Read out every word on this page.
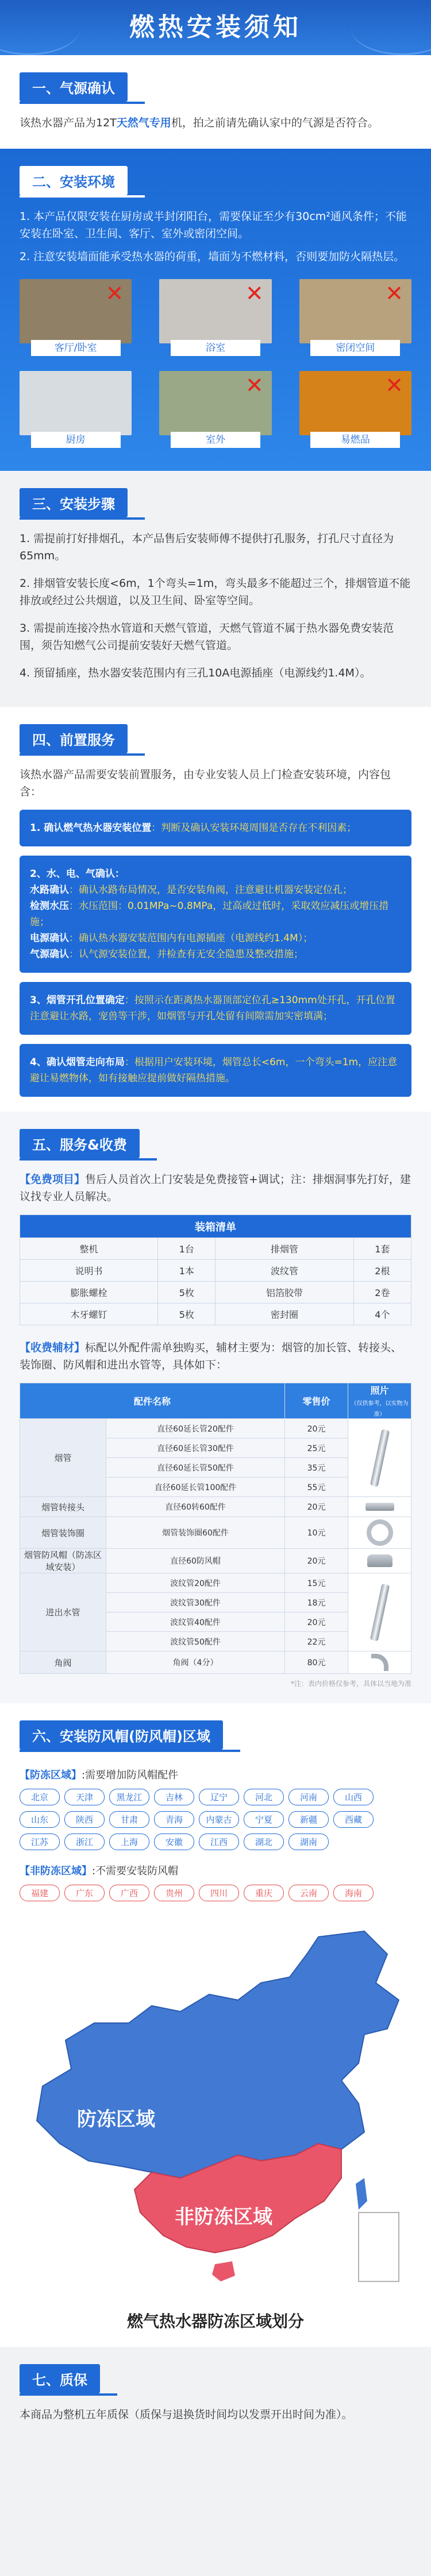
燃热安装须知
一、气源确认

该热水器产品为12T天然气专用机，拍之前请先确认家中的气源是否符合。

二、安装环境

1. 本产品仅限安装在厨房或半封闭阳台，需要保证至少有30cm²通风条件；不能安装在卧室、卫生间、客厅、室外或密闭空间。

2. 注意安装墙面能承受热水器的荷重，墙面为不燃材料，否则要加防火隔热层。

✕
客厅/卧室
✕
浴室
✕
密闭空间
厨房
✕
室外
✕
易燃品
三、安装步骤

1. 需提前打好排烟孔，本产品售后安装师傅不提供打孔服务，打孔尺寸直径为65mm。

2. 排烟管安装长度<6m，1个弯头=1m，弯头最多不能超过三个，排烟管道不能排放或经过公共烟道，以及卫生间、卧室等空间。

3. 需提前连接冷热水管道和天燃气管道，天燃气管道不属于热水器免费安装范围，须告知燃气公司提前安装好天燃气管道。

4. 预留插座，热水器安装范围内有三孔10A电源插座（电源线约1.4M）。

四、前置服务

该热水器产品需要安装前置服务，由专业安装人员上门检查安装环境，内容包含：

1. 确认燃气热水器安装位置：判断及确认安装环境周围是否存在不利因素；
2、水、电、气确认：
水路确认：确认水路布局情况，是否安装角阀，注意避让机器安装定位孔；
检测水压：水压范围：0.01MPa~0.8MPa，过高或过低时，采取效应减压或增压措施；
电源确认：确认热水器安装范围内有电源插座（电源线约1.4M）；
气源确认：认气源安装位置，并检查有无安全隐患及整改措施；
3、烟管开孔位置确定：按照示在距离热水器顶部定位孔≥130mm处开孔，开孔位置注意避让水路，宠兽等干涉，如烟管与开孔处留有间隙需加实密填满；
4、确认烟管走向布局：根据用户安装环境，烟管总长<6m，一个弯头=1m，应注意避让易燃物体，如有接触应提前做好隔热措施。
五、服务&收费

【免费项目】售后人员首次上门安装是免费接管+调试；注：排烟洞事先打好，建议找专业人员解决。

装箱清单			
整机	1台	排烟管	1套
说明书	1本	波纹管	2根
膨胀螺栓	5枚	铝箔胶带	2卷
木牙螺钉	5枚	密封圈	4个

【收费辅材】标配以外配件需单独购买，辅材主要为：烟管的加长管、转接头、装饰圈、防风帽和进出水管等，具体如下：

配件名称		零售价	照片
（仅供参考，以实物为准）
烟管	直径60延长管20配件	20元	

	直径60延长管30配件	25元	
	直径60延长管50配件	35元	
	直径60延长管100配件	55元	
烟管转接头	直径60转60配件	20元	

烟管装饰圈	烟管装饰圈60配件	10元	

烟管防风帽（防冻区域安装）	直径60防风帽	20元	

进出水管	波纹管20配件	15元	

	波纹管30配件	18元	
	波纹管40配件	20元	
	波纹管50配件	22元	
角阀	角阀（4分）	80元	
*注：表内价格仅参考，具体以当地为准
六、安装防风帽(防风帽)区域
【防冻区域】:需要增加防风帽配件
北京	天津	黑龙江	吉林	辽宁	河北	河南	山西
山东	陕西	甘肃	青海	内蒙古	宁夏	新疆	西藏
江苏	浙江	上海	安徽	江西	湖北	湖南
【非防冻区域】:不需要安装防风帽
福建	广东	广西	贵州	四川	重庆	云南	海南
防冻区域
非防冻区域
燃气热水器防冻区域划分
七、质保

本商品为整机五年质保（质保与退换货时间均以发票开出时间为准）。
